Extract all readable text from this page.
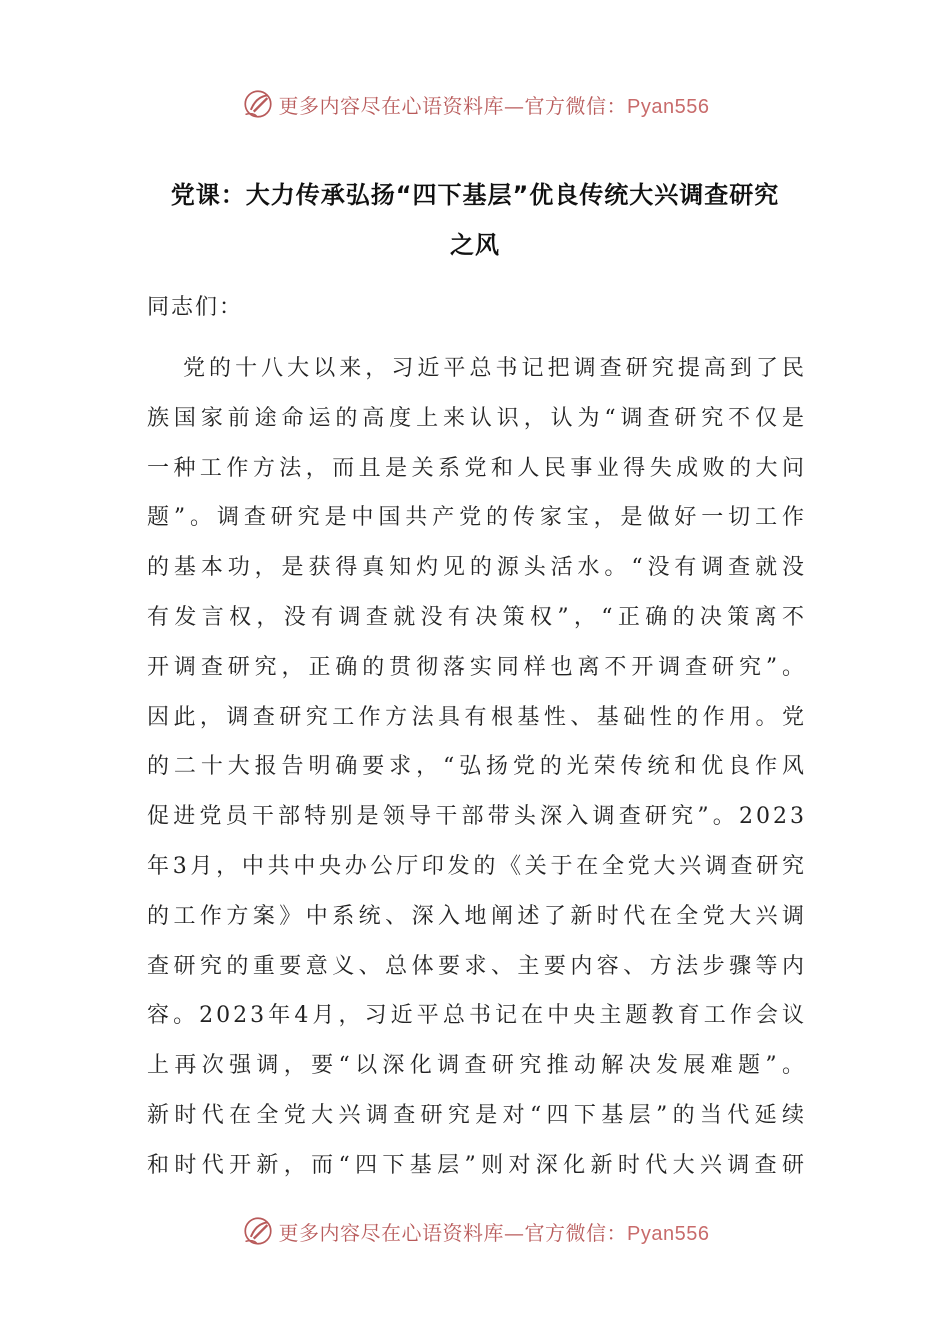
更多内容尽在心语资料库—官方微信：Pyan556
党课：大力传承弘扬“四下基层”优良传统大兴调查研究
之风
同志们：
党的十八大以来，习近平总书记把调查研究提高到了民
族国家前途命运的高度上来认识，认为“调查研究不仅是
一种工作方法，而且是关系党和人民事业得失成败的大问
题”。调查研究是中国共产党的传家宝，是做好一切工作
的基本功，是获得真知灼见的源头活水。“没有调查就没
有发言权，没有调查就没有决策权”，“正确的决策离不
开调查研究，正确的贯彻落实同样也离不开调查研究”。
因此，调查研究工作方法具有根基性、基础性的作用。党
的二十大报告明确要求，“弘扬党的光荣传统和优良作风
促进党员干部特别是领导干部带头深入调查研究”。2023
年3月，中共中央办公厅印发的《关于在全党大兴调查研究
的工作方案》中系统、深入地阐述了新时代在全党大兴调
查研究的重要意义、总体要求、主要内容、方法步骤等内
容。2023年4月，习近平总书记在中央主题教育工作会议
上再次强调，要“以深化调查研究推动解决发展难题”。
新时代在全党大兴调查研究是对“四下基层”的当代延续
和时代开新，而“四下基层”则对深化新时代大兴调查研
更多内容尽在心语资料库—官方微信：Pyan556
